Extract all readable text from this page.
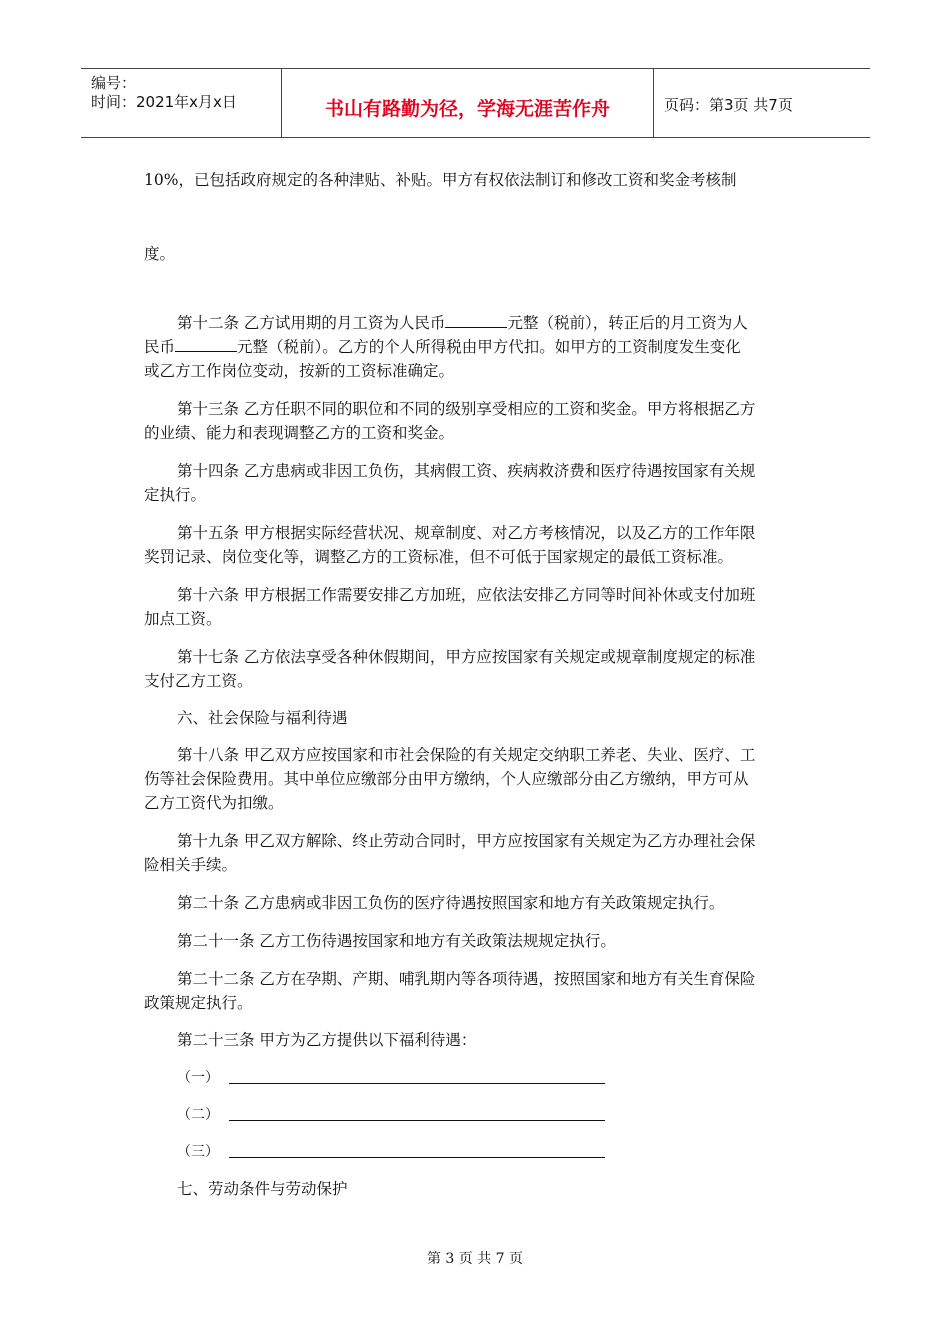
编号：
时间：2021年x月x日	书山有路勤为径，学海无涯苦作舟	页码：第3页 共7页
10%，已包括政府规定的各种津贴、补贴。甲方有权依法制订和修改工资和奖金考核制
度。
第十二条 乙方试用期的月工资为人民币	元整（税前），转正后的月工资为人
民币	元整（税前）。乙方的个人所得税由甲方代扣。如甲方的工资制度发生变化
或乙方工作岗位变动，按新的工资标准确定。
第十三条 乙方任职不同的职位和不同的级别享受相应的工资和奖金。甲方将根据乙方
的业绩、能力和表现调整乙方的工资和奖金。
第十四条 乙方患病或非因工负伤，其病假工资、疾病救济费和医疗待遇按国家有关规
定执行。
第十五条 甲方根据实际经营状况、规章制度、对乙方考核情况，以及乙方的工作年限
奖罚记录、岗位变化等，调整乙方的工资标准，但不可低于国家规定的最低工资标准。
第十六条 甲方根据工作需要安排乙方加班，应依法安排乙方同等时间补休或支付加班
加点工资。
第十七条 乙方依法享受各种休假期间，甲方应按国家有关规定或规章制度规定的标准
支付乙方工资。
六、社会保险与福利待遇
第十八条 甲乙双方应按国家和市社会保险的有关规定交纳职工养老、失业、医疗、工
伤等社会保险费用。其中单位应缴部分由甲方缴纳，个人应缴部分由乙方缴纳，甲方可从
乙方工资代为扣缴。
第十九条 甲乙双方解除、终止劳动合同时，甲方应按国家有关规定为乙方办理社会保
险相关手续。
第二十条 乙方患病或非因工负伤的医疗待遇按照国家和地方有关政策规定执行。
第二十一条 乙方工伤待遇按国家和地方有关政策法规规定执行。
第二十二条 乙方在孕期、产期、哺乳期内等各项待遇，按照国家和地方有关生育保险
政策规定执行。
第二十三条 甲方为乙方提供以下福利待遇：
（一）
（二）
（三）
七、劳动条件与劳动保护
第 3 页 共 7 页
